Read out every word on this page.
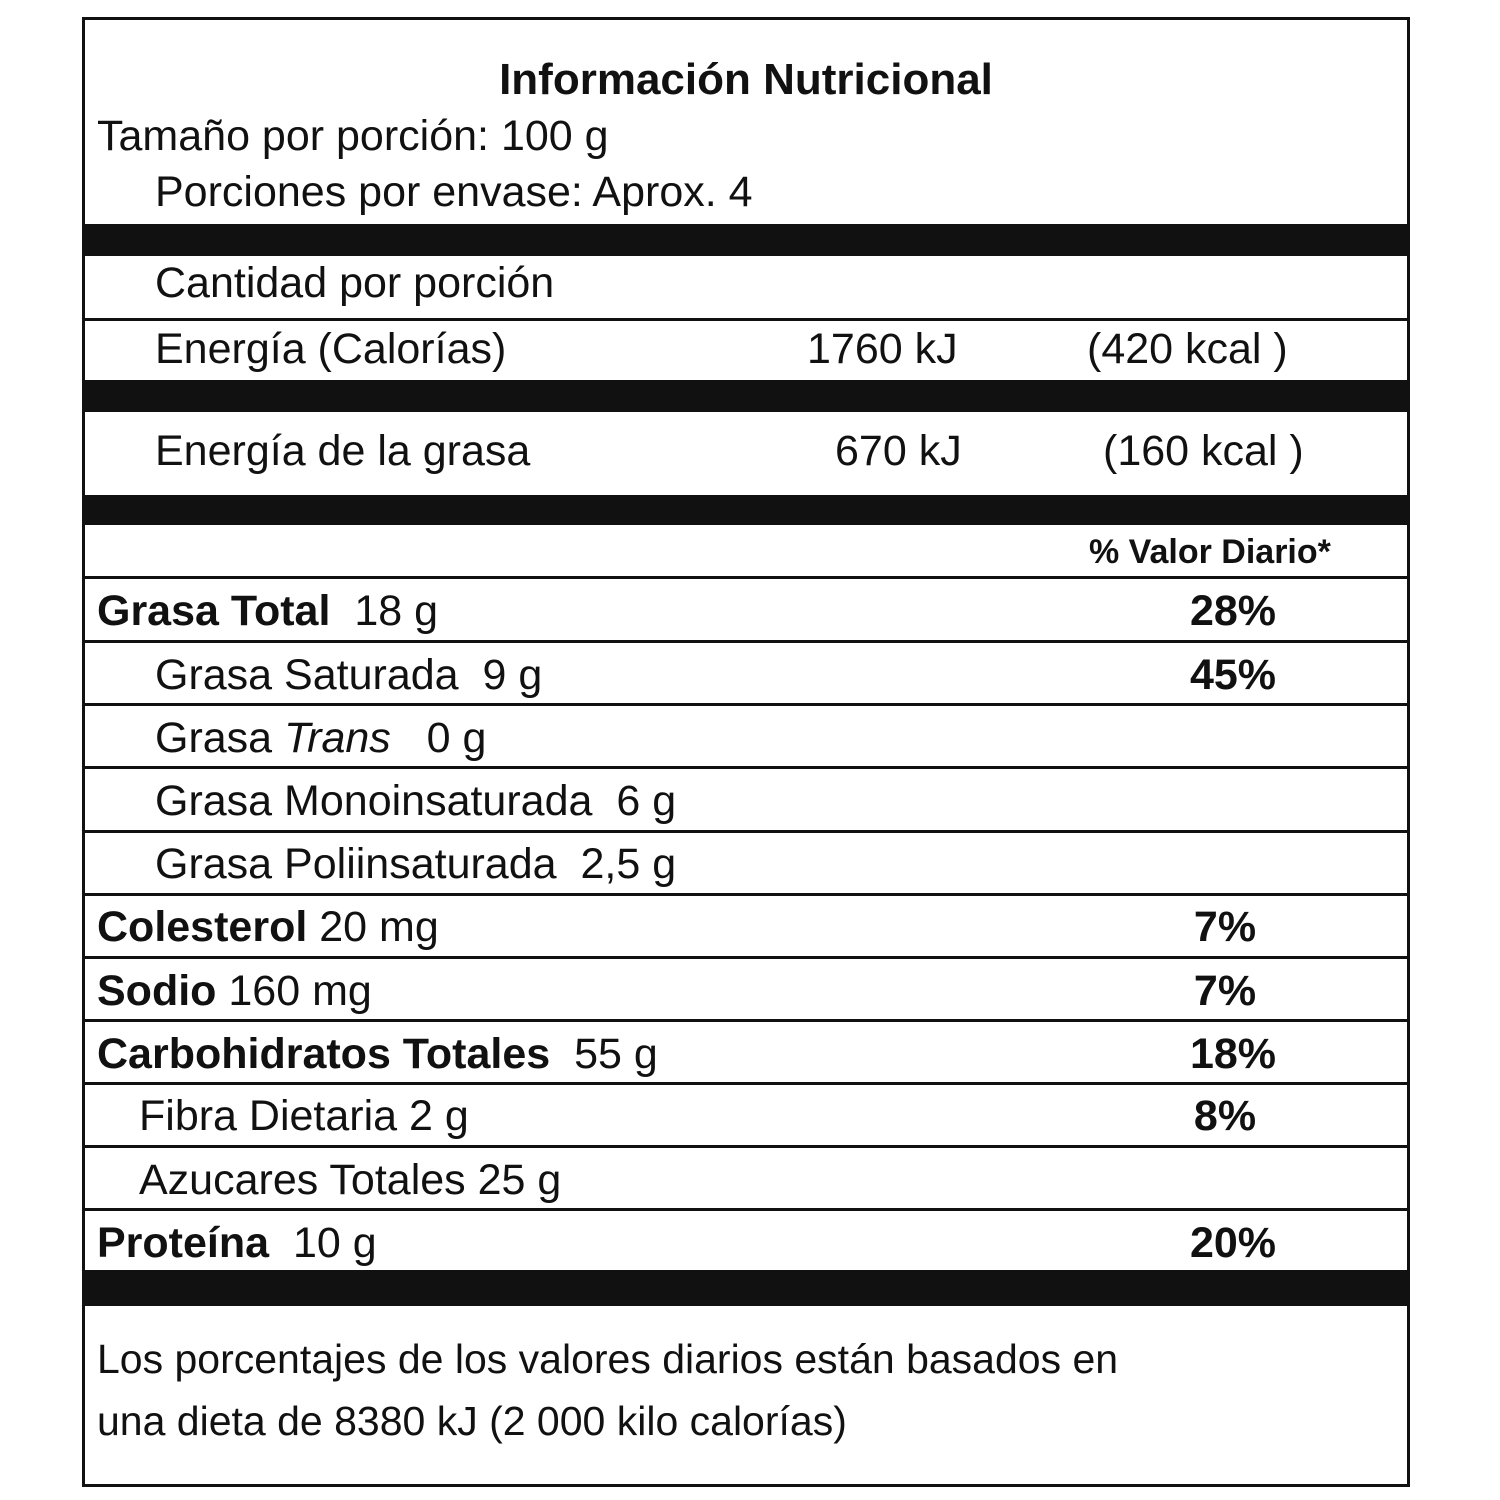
Información Nutricional
Tamaño por porción: 100 g
Porciones por envase: Aprox. 4
Cantidad por porción
Energía (Calorías)	1760 kJ	(420 kcal )
Energía de la grasa	670 kJ	(160 kcal )
% Valor Diario*
Grasa Total 18 g	28%
Grasa Saturada 9 g	45%
Grasa Trans 0 g
Grasa Monoinsaturada 6 g
Grasa Poliinsaturada 2,5 g
Colesterol 20 mg	7%
Sodio 160 mg	7%
Carbohidratos Totales 55 g	18%
Fibra Dietaria 2 g	8%
Azucares Totales 25 g
Proteína 10 g	20%
Los porcentajes de los valores diarios están basados en
una dieta de 8380 kJ (2 000 kilo calorías)
